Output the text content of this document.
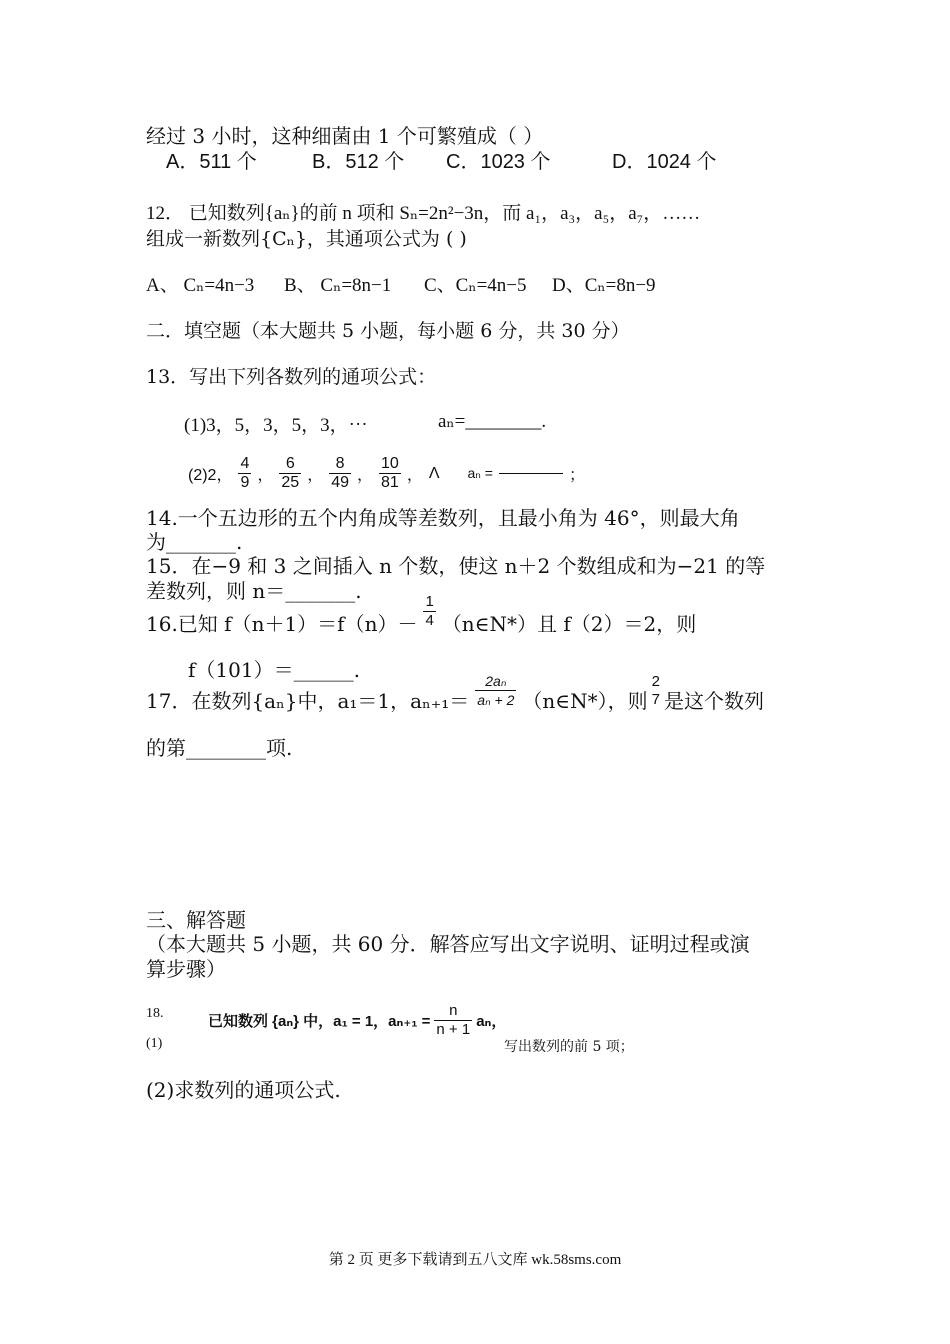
经过 3 小时，这种细菌由 1 个可繁殖成（ ）
A．511 个	B．512 个 C．1023 个	D．1024 个
12． 已知数列{aₙ}的前 n 项和 Sₙ=2n²−3n，而 a₁，a₃，a₅，a₇，……
组成一新数列{Cₙ}，其通项公式为 ( )
A、 Cₙ=4n−3 B、 Cₙ=8n−1 C、Cₙ=4n−5 D、Cₙ=8n−9
二．填空题（本大题共 5 小题，每小题 6 分，共 30 分）
13．写出下列各数列的通项公式：
(1)3，5，3，5，3，⋯	aₙ=________.
(2)2， $\frac{4}{9}$ ， $\frac{6}{25}$ ， $\frac{8}{49}$ ， $\frac{10}{81}$ ， Λ aₙ =	；
14.一个五边形的五个内角成等差数列，且最小角为 46°，则最大角
为_______.
15．在−9 和 3 之间插入 n 个数，使这 n＋2 个数组成和为−21 的等
差数列，则 n＝_______.
16.已知 $f(n+1)=f(n)- \frac{1}{4}$ （n∈N*）且 f（2）＝2，则
f（101）＝______.
17．在数列{aₙ}中，a₁＝1，$a_{n+1}= \frac{\text{2aₙ}}{\text{aₙ + 2}}$ （n∈N*），则
2
7 是这个数列
的第________项.
三、解答题
（本大题共 5 小题，共 60 分．解答应写出文字说明、证明过程或演
算步骤）
18.
(1)
已知数列 {aₙ} 中，a₁ = 1，$a_{n+1} = \frac{n}{n + 1}$ aₙ，
写出数列的前 5 项；
(2)求数列的通项公式.
第 2 页 更多下载请到五八文库 wk.58sms.com
